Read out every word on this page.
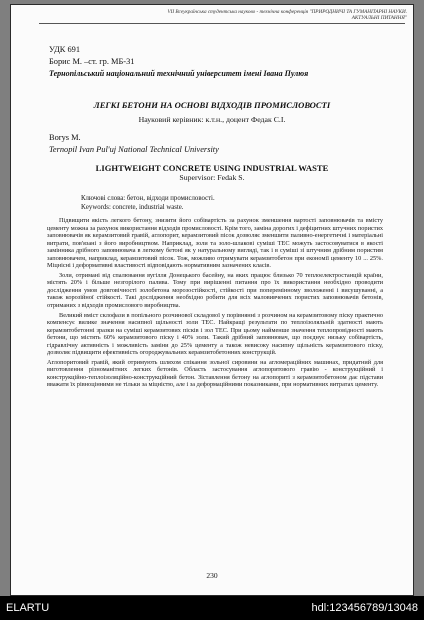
VII Всеукраїнська студентська науково - технічна конференція "ПРИРОДНИЧІ ТА ГУМАНІТАРНІ НАУКИ.
АКТУАЛЬНІ ПИТАННЯ"
УДК 691
Борис М. –ст. гр. МБ-31
Тернопільський національний технічний університет імені Івана Пулюя
ЛЕГКІ БЕТОНИ НА ОСНОВІ ВІДХОДІВ ПРОМИСЛОВОСТІ
Науковий керівник: к.т.н., доцент Федак С.І.
Borys M.
Ternopil Ivan Pul'uj National Technical University
LIGHTWEIGHT CONCRETE USING INDUSTRIAL WASTE
Supervisor: Fedak S.
Ключові слова: бетон, відходи промисловості.
Keywords: concrete, industrial waste.

Підвищити якість легкого бетону, знизити його собівартість за рахунок зменшення вартості заповнювачів та вмісту цементу можна за рахунок використання відходів промисловості. Крім того, заміна дорогих і дефіцитних штучних пористих заповнювачів як керамзитовий гравій, аглопорит, керамзитовий пісок дозволяє зменшити паливно-енергетичні і матеріальні витрати, пов'язані з його виробництвом. Наприклад, золи та золо-шлакові суміші ТЕС можуть застосовуватися в якості замінника дрібного заповнювача в легкому бетоні як у натуральному вигляді, так і в суміші зі штучним дрібним пористим заповнювачем, наприклад, керамзитовий пісок. Тож, можливо отримувати керамзитобетон при економії цементу 10 ... 25%. Міцнісні і деформативні властивості відповідають нормативним зазначених класів.

Золи, отримані від спалювання вугілля Донецького басейну, на яких працює близько 70 теплоелектростанцій країни, містять 20% і більше незгорілого палива. Тому при вирішенні питання про їх використання необхідно проводити дослідження умов довговічності золобетона морозостійкості, стійкості при поперемінному зволоженні і висушуванні, а також корозійної стійкості. Такі дослідження необхідно робити для всіх маловивчених пористих заповнювачів бетонів, отриманих з відходів промислового виробництва.

Великий вміст склофази в попільного розчинової складової у порівнянні з розчином на керамзитовому піску практично компенсує вилике значення насипної щільності золи ТЕС. Найкращі результати по теплоізоляльній здатності мають керамзитобетонні зразки на суміші керамзитових пісків і зол ТЕС. При цьому найменше значення теплопровідності мають бетони, що містять 60% керамзитового піску і 40% золи. Такий дрібний заповнювач, що поєднує низьку собівартість, гідравлічну активність і можливість заміни до 25% цементу а також невисоку насипну щільність керамзитового піску, дозволяє підвищити ефективність огороджувальних керамзитобетонних конструкцій.

Аглопоритовий гравій, який отримують шляхом спікання зольної сировини на агломераційних машинах, придатний для виготовлення різноманітних легких бетонів. Область застосування аглопоритового гравію - конструкційний і конструкційно-теплоізоляційно-конструкційний бетон. Зіставлення бетону на аглопориті з керамзитобетоном дає підстави вважати їх рівноцінними не тільки за міцністю, але і за деформаційними показниками, при нормативних витратах цементу.

230
ELARTU	hdl:123456789/13048
